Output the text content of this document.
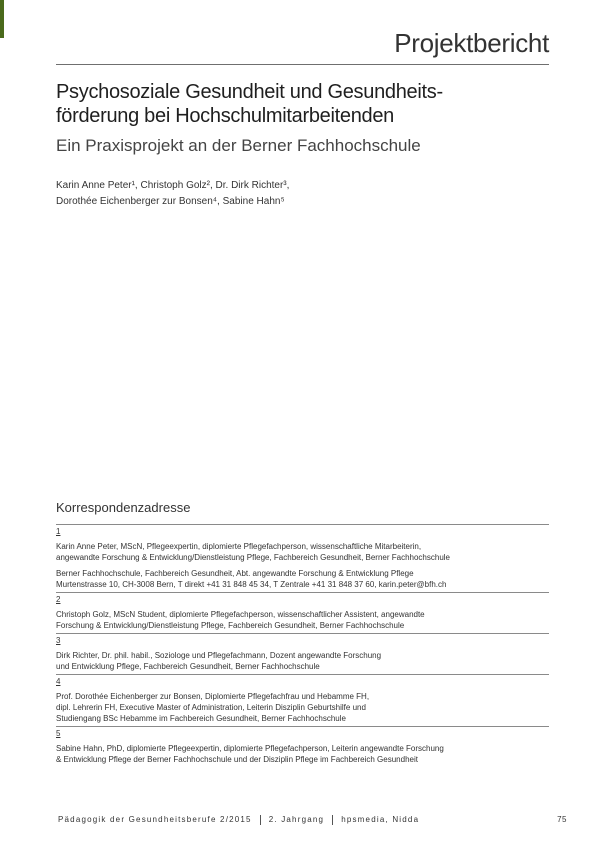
Projektbericht
Psychosoziale Gesundheit und Gesundheits-
förderung bei Hochschulmitarbeitenden
Ein Praxisprojekt an der Berner Fachhochschule
Karin Anne Peter¹, Christoph Golz², Dr. Dirk Richter³,
Dorothée Eichenberger zur Bonsen⁴, Sabine Hahn⁵
Korrespondenzadresse
1
Karin Anne Peter, MScN, Pflegeexpertin, diplomierte Pflegefachperson, wissenschaftliche Mitarbeiterin,
angewandte Forschung & Entwicklung/Dienstleistung Pflege, Fachbereich Gesundheit, Berner Fachhochschule
Berner Fachhochschule, Fachbereich Gesundheit, Abt. angewandte Forschung & Entwicklung Pflege
Murtenstrasse 10, CH-3008 Bern, T direkt +41 31 848 45 34, T Zentrale +41 31 848 37 60, karin.peter@bfh.ch
2
Christoph Golz, MScN Student, diplomierte Pflegefachperson, wissenschaftlicher Assistent, angewandte
Forschung & Entwicklung/Dienstleistung Pflege, Fachbereich Gesundheit, Berner Fachhochschule
3
Dirk Richter, Dr. phil. habil., Soziologe und Pflegefachmann, Dozent angewandte Forschung
und Entwicklung Pflege, Fachbereich Gesundheit, Berner Fachhochschule
4
Prof. Dorothée Eichenberger zur Bonsen, Diplomierte Pflegefachfrau und Hebamme FH,
dipl. Lehrerin FH, Executive Master of Administration, Leiterin Disziplin Geburtshilfe und
Studiengang BSc Hebamme im Fachbereich Gesundheit, Berner Fachhochschule
5
Sabine Hahn, PhD, diplomierte Pflegeexpertin, diplomierte Pflegefachperson, Leiterin angewandte Forschung
& Entwicklung Pflege der Berner Fachhochschule und der Disziplin Pflege im Fachbereich Gesundheit
Pädagogik der Gesundheitsberufe 2/2015 2. Jahrgang hpsmedia, Nidda	75
